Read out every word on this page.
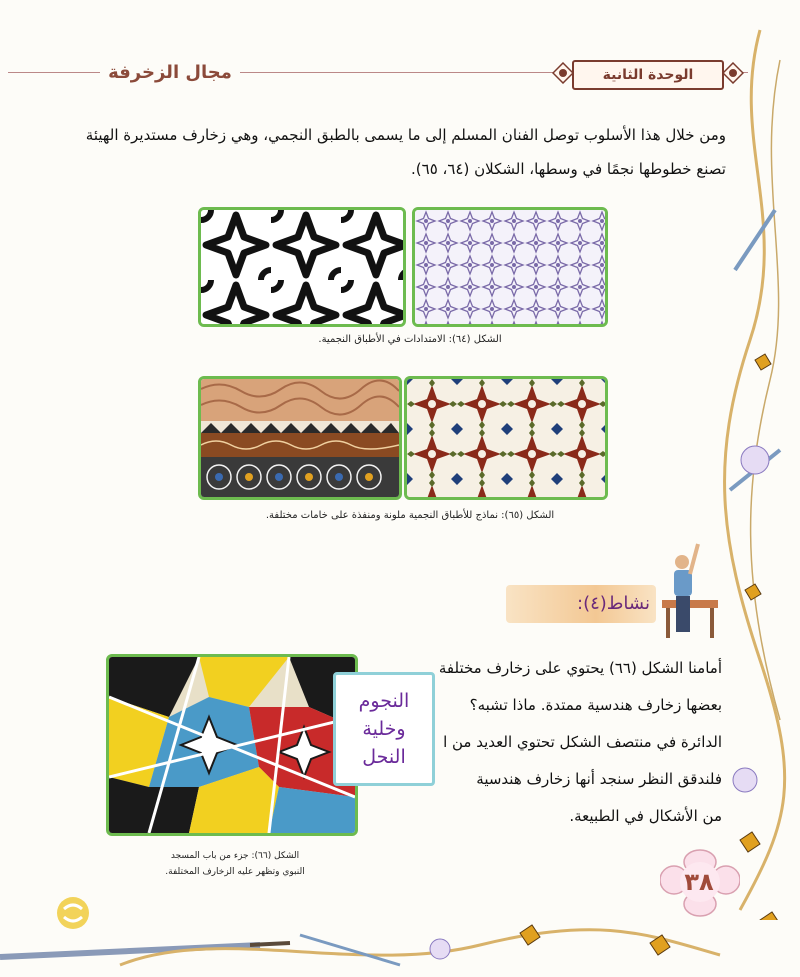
مجال الزخرفة	الوحدة الثانية
ومن خلال هذا الأسلوب توصل الفنان المسلم إلى ما يسمى بالطبق النجمي، وهي زخارف مستديرة الهيئة
تصنع خطوطها نجمًا في وسطها، الشكلان (٦٤، ٦٥).
الشكل (٦٤): الامتدادات في الأطباق النجمية.
الشكل (٦٥): نماذج للأطباق النجمية ملونة ومنفذة على خامات مختلفة.
نشاط(٤):
أمامنا الشكل (٦٦) يحتوي على زخارف مختلفة
بعضها زخارف هندسية ممتدة. ماذا تشبه؟
الدائرة في منتصف الشكل تحتوي العديد من ا
فلندقق النظر سنجد أنها زخارف هندسية
من الأشكال في الطبيعة.
النجوم
وخلية
النحل
الشكل (٦٦): جزء من باب المسجد
النبوي وتظهر عليه الزخارف المختلفة.	٣٨
